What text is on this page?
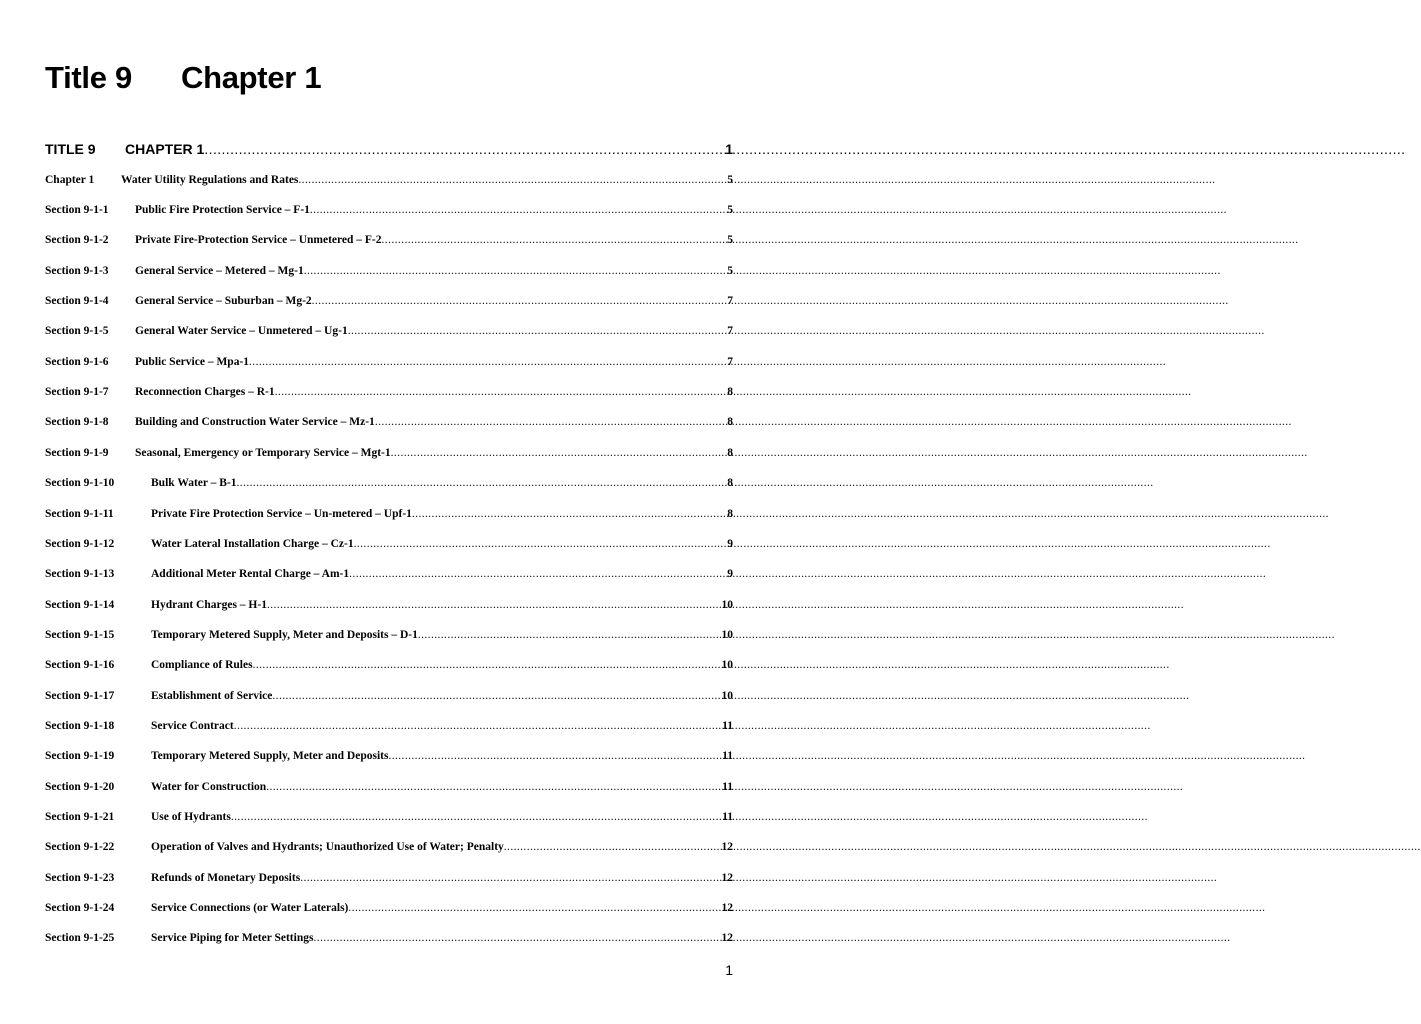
Title 9 Chapter 1
TITLE 9	CHAPTER 1 .....	1
Chapter 1	Water Utility Regulations and Rates .....	5
Section 9-1-1	Public Fire Protection Service – F-1 .....	5
Section 9-1-2	Private Fire-Protection Service – Unmetered – F-2 .....	5
Section 9-1-3	General Service – Metered – Mg-1 .....	5
Section 9-1-4	General Service – Suburban – Mg-2 .....	7
Section 9-1-5	General Water Service – Unmetered – Ug-1 .....	7
Section 9-1-6	Public Service – Mpa-1 .....	7
Section 9-1-7	Reconnection Charges – R-1 .....	8
Section 9-1-8	Building and Construction Water Service – Mz-1 .....	8
Section 9-1-9	Seasonal, Emergency or Temporary Service – Mgt-1 .....	8
Section 9-1-10	Bulk Water – B-1 .....	8
Section 9-1-11	Private Fire Protection Service – Un-metered – Upf-1 .....	8
Section 9-1-12	Water Lateral Installation Charge – Cz-1 .....	9
Section 9-1-13	Additional Meter Rental Charge – Am-1 .....	9
Section 9-1-14	Hydrant Charges – H-1 .....	10
Section 9-1-15	Temporary Metered Supply, Meter and Deposits – D-1 .....	10
Section 9-1-16	Compliance of Rules .....	10
Section 9-1-17	Establishment of Service .....	10
Section 9-1-18	Service Contract .....	11
Section 9-1-19	Temporary Metered Supply, Meter and Deposits .....	11
Section 9-1-20	Water for Construction .....	11
Section 9-1-21	Use of Hydrants .....	11
Section 9-1-22	Operation of Valves and Hydrants; Unauthorized Use of Water; Penalty .....	12
Section 9-1-23	Refunds of Monetary Deposits .....	12
Section 9-1-24	Service Connections (or Water Laterals) .....	12
Section 9-1-25	Service Piping for Meter Settings .....	12
1
